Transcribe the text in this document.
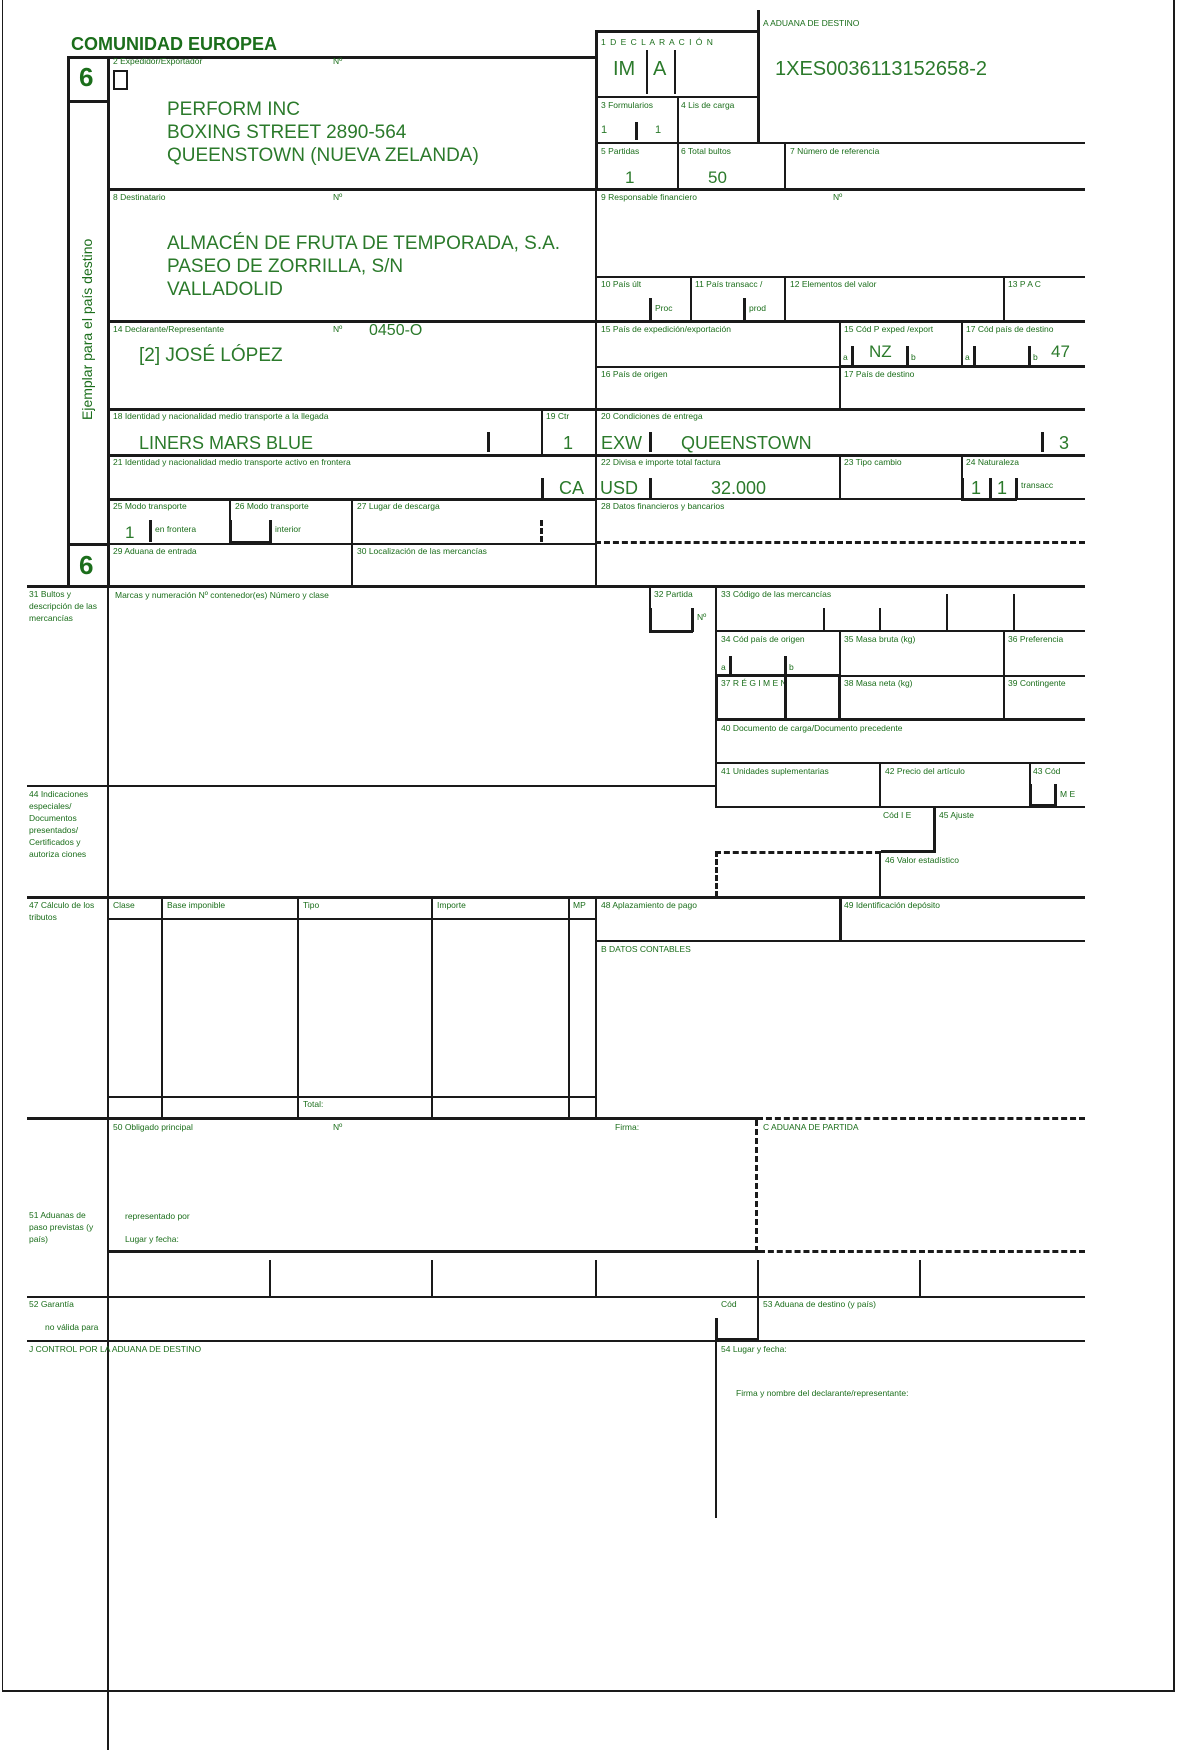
COMUNIDAD EUROPEA
A ADUANA DE DESTINO
1XES0036113152658-2
6
Ejemplar para el país destino
6
2 Expedidor/Exportador	Nº
PERFORM INC
BOXING STREET 2890-564
QUEENSTOWN (NUEVA ZELANDA)
1 D E C L A R A C I Ó N
IM A
3 Formularios	4 Lis de carga
1	1
5 Partidas	6 Total bultos	7 Número de referencia
1	50
8 Destinatario	Nº
ALMACÉN DE FRUTA DE TEMPORADA, S.A.
PASEO DE ZORRILLA, S/N
VALLADOLID
9 Responsable financiero	Nº
10 País últ
Proc
11 País transacc /
prod
12 Elementos del valor	13 P A C
14 Declarante/Representante	Nº 0450-O
[2] JOSÉ LÓPEZ
15 País de expedición/exportación	15 Cód P exped /export	17 Cód país de destino
a NZ b	a	b 47
16 País de origen	17 País de destino
18 Identidad y nacionalidad medio transporte a la llegada
LINERS MARS BLUE
19 Ctr
1
20 Condiciones de entrega
EXW QUEENSTOWN	3
21 Identidad y nacionalidad medio transporte activo en frontera
CA
22 Divisa e importe total factura
USD	32.000
23 Tipo cambio	24 Naturaleza
1 1 transacc
25 Modo transporte
1 en frontera
26 Modo transporte
interior
27 Lugar de descarga	28 Datos financieros y bancarios
29 Aduana de entrada	30 Localización de las mercancías
31 Bultos y descripción de las mercancías
Marcas y numeración Nº contenedor(es) Número y clase	32 Partida
Nº
33 Código de las mercancías
34 Cód país de origen
a	b
35 Masa bruta (kg)	36 Preferencia
37 R É G I M E N	38 Masa neta (kg)	39 Contingente
40 Documento de carga/Documento precedente
41 Unidades suplementarias	42 Precio del artículo	43 Cód
M E
44 Indicaciones especiales/ Documentos presentados/ Certificados y autoriza ciones
Cód I E	45 Ajuste
46 Valor estadístico
47 Cálculo de los tributos
Clase	Base imponible	Tipo	Importe	MP
Total:
48 Aplazamiento de pago	49 Identificación depósito
B DATOS CONTABLES
50 Obligado principal	Nº	Firma:	C ADUANA DE PARTIDA
representado por
Lugar y fecha:
51 Aduanas de paso previstas (y país)
52 Garantía
no válida para
Cód	53 Aduana de destino (y país)
J CONTROL POR LA ADUANA DE DESTINO	54 Lugar y fecha:
Firma y nombre del declarante/representante:
